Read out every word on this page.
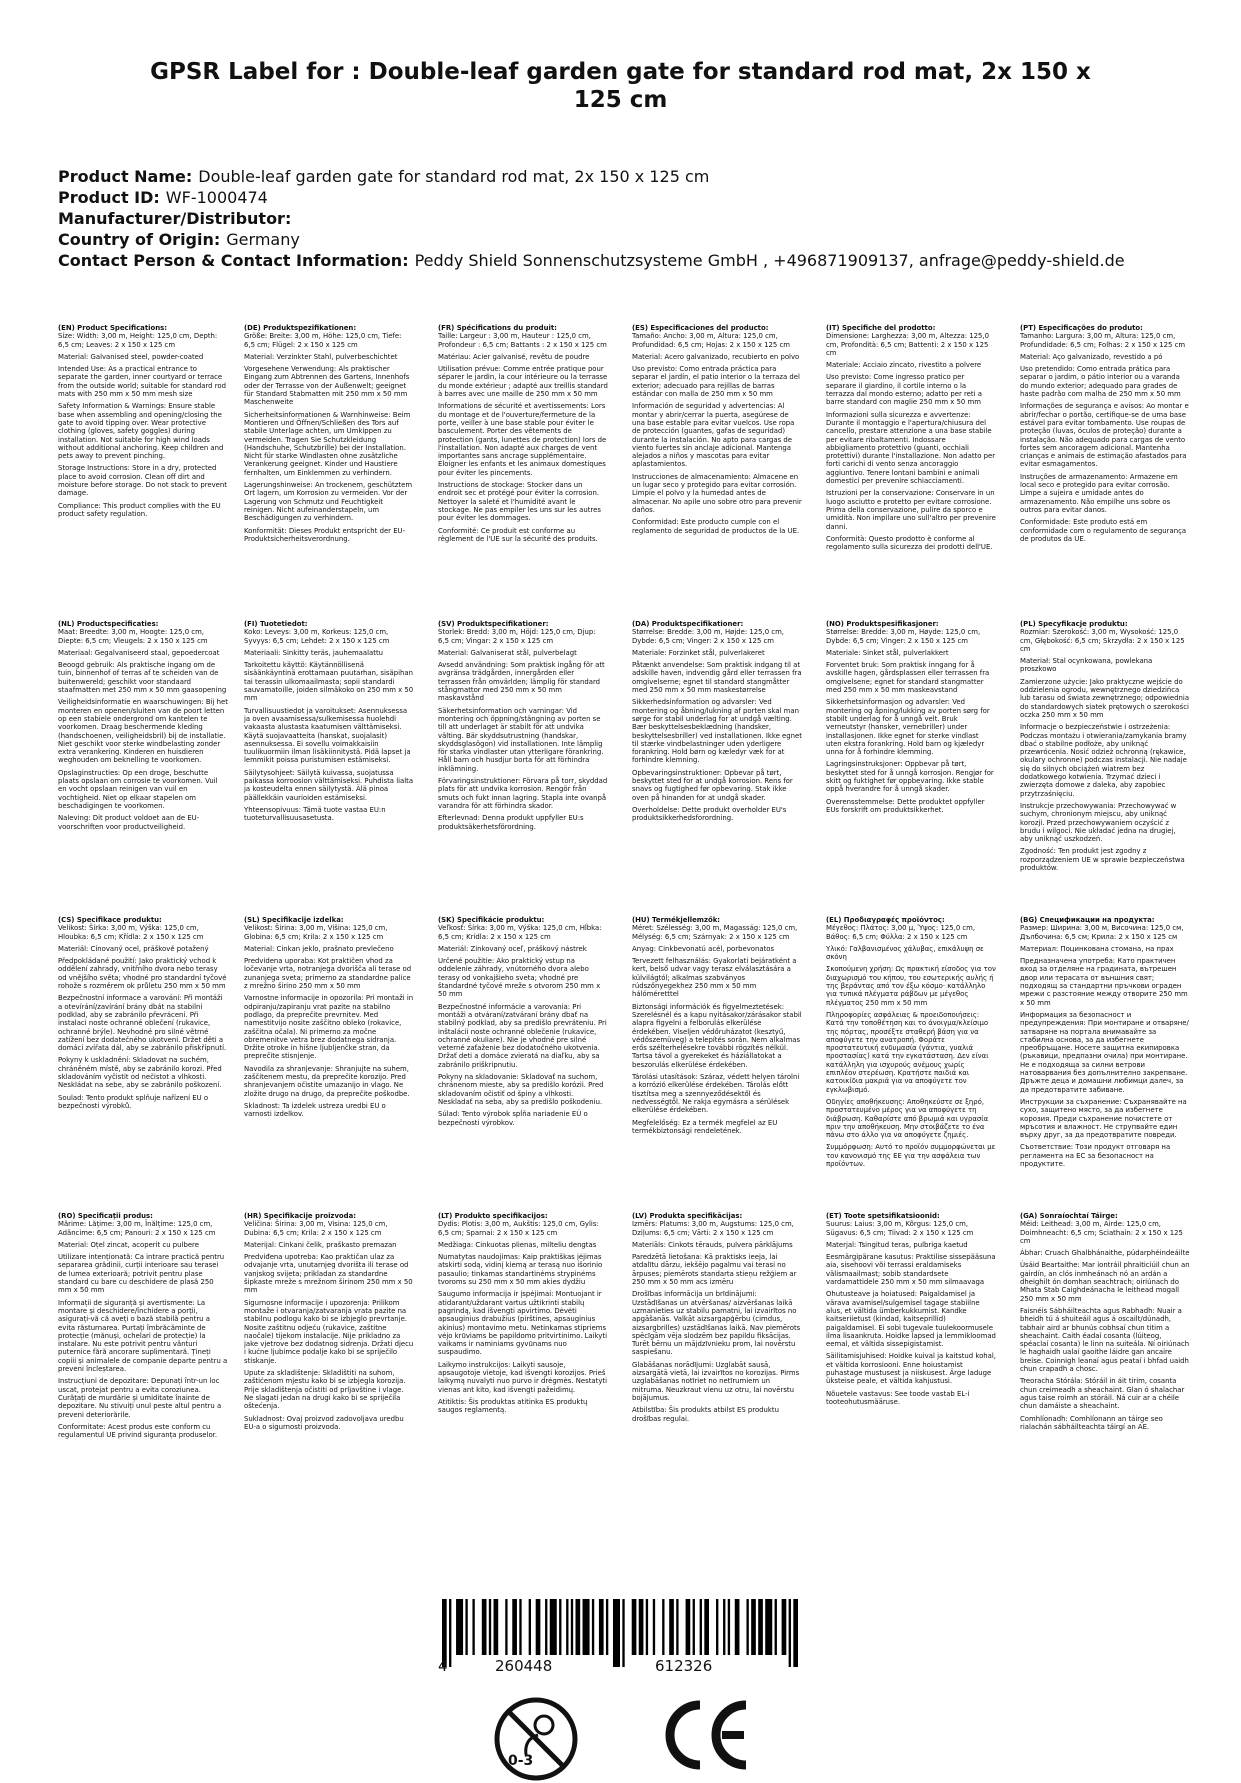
GPSR Label for : Double-leaf garden gate for standard rod mat, 2x 150 x 125 cm
Product Name: Double-leaf garden gate for standard rod mat, 2x 150 x 125 cm
Product ID: WF-1000474
Manufacturer/Distributor:
Country of Origin: Germany
Contact Person & Contact Information: Peddy Shield Sonnenschutzsysteme GmbH , +496871909137, anfrage@peddy-shield.de
(EN) Product Specifications:

Size: Width: 3,00 m, Height: 125,0 cm, Depth: 6,5 cm; Leaves: 2 x 150 x 125 cm

Material: Galvanised steel, powder-coated

Intended Use: As a practical entrance to separate the garden, inner courtyard or terrace from the outside world; suitable for standard rod mats with 250 mm x 50 mm mesh size

Safety Information & Warnings: Ensure stable base when assembling and opening/closing the gate to avoid tipping over. Wear protective clothing (gloves, safety goggles) during installation. Not suitable for high wind loads without additional anchoring. Keep children and pets away to prevent pinching.

Storage Instructions: Store in a dry, protected place to avoid corrosion. Clean off dirt and moisture before storage. Do not stack to prevent damage.

Compliance: This product complies with the EU product safety regulation.

(DE) Produktspezifikationen:

Größe: Breite: 3,00 m, Höhe: 125,0 cm, Tiefe: 6,5 cm; Flügel: 2 x 150 x 125 cm

Material: Verzinkter Stahl, pulverbeschichtet

Vorgesehene Verwendung: Als praktischer Eingang zum Abtrennen des Gartens, Innenhofs oder der Terrasse von der Außenwelt; geeignet für Standard Stabmatten mit 250 mm x 50 mm Maschenweite

Sicherheitsinformationen & Warnhinweise: Beim Montieren und Öffnen/Schließen des Tors auf stabile Unterlage achten, um Umkippen zu vermeiden. Tragen Sie Schutzkleidung (Handschuhe, Schutzbrille) bei der Installation. Nicht für starke Windlasten ohne zusätzliche Verankerung geeignet. Kinder und Haustiere fernhalten, um Einklemmen zu verhindern.

Lagerungshinweise: An trockenem, geschütztem Ort lagern, um Korrosion zu vermeiden. Vor der Lagerung von Schmutz und Feuchtigkeit reinigen. Nicht aufeinanderstapeln, um Beschädigungen zu verhindern.

Konformität: Dieses Produkt entspricht der EU-Produktsicherheitsverordnung.

(FR) Spécifications du produit:

Taille: Largeur : 3,00 m, Hauteur : 125,0 cm, Profondeur : 6,5 cm; Battants : 2 x 150 x 125 cm

Matériau: Acier galvanisé, revêtu de poudre

Utilisation prévue: Comme entrée pratique pour séparer le jardin, la cour intérieure ou la terrasse du monde extérieur ; adapté aux treillis standard à barres avec une maille de 250 mm x 50 mm

Informations de sécurité et avertissements: Lors du montage et de l'ouverture/fermeture de la porte, veiller à une base stable pour éviter le basculement. Porter des vêtements de protection (gants, lunettes de protection) lors de l'installation. Non adapté aux charges de vent importantes sans ancrage supplémentaire. Éloigner les enfants et les animaux domestiques pour éviter les pincements.

Instructions de stockage: Stocker dans un endroit sec et protégé pour éviter la corrosion. Nettoyer la saleté et l'humidité avant le stockage. Ne pas empiler les uns sur les autres pour éviter les dommages.

Conformité: Ce produit est conforme au règlement de l'UE sur la sécurité des produits.

(ES) Especificaciones del producto:

Tamaño: Ancho: 3,00 m, Altura: 125,0 cm, Profundidad: 6,5 cm; Hojas: 2 x 150 x 125 cm

Material: Acero galvanizado, recubierto en polvo

Uso previsto: Como entrada práctica para separar el jardín, el patio interior o la terraza del exterior; adecuado para rejillas de barras estándar con malla de 250 mm x 50 mm

Información de seguridad y advertencias: Al montar y abrir/cerrar la puerta, asegúrese de una base estable para evitar vuelcos. Use ropa de protección (guantes, gafas de seguridad) durante la instalación. No apto para cargas de viento fuertes sin anclaje adicional. Mantenga alejados a niños y mascotas para evitar aplastamientos.

Instrucciones de almacenamiento: Almacene en un lugar seco y protegido para evitar corrosión. Limpie el polvo y la humedad antes de almacenar. No apile uno sobre otro para prevenir daños.

Conformidad: Este producto cumple con el reglamento de seguridad de productos de la UE.

(IT) Specifiche del prodotto:

Dimensione: Larghezza: 3,00 m, Altezza: 125,0 cm, Profondità: 6,5 cm; Battenti: 2 x 150 x 125 cm

Materiale: Acciaio zincato, rivestito a polvere

Uso previsto: Come ingresso pratico per separare il giardino, il cortile interno o la terrazza dal mondo esterno; adatto per reti a barre standard con maglie 250 mm x 50 mm

Informazioni sulla sicurezza e avvertenze: Durante il montaggio e l'apertura/chiusura del cancello, prestare attenzione a una base stabile per evitare ribaltamenti. Indossare abbigliamento protettivo (guanti, occhiali protettivi) durante l'installazione. Non adatto per forti carichi di vento senza ancoraggio aggiuntivo. Tenere lontani bambini e animali domestici per prevenire schiacciamenti.

Istruzioni per la conservazione: Conservare in un luogo asciutto e protetto per evitare corrosione. Prima della conservazione, pulire da sporco e umidità. Non impilare uno sull'altro per prevenire danni.

Conformità: Questo prodotto è conforme al regolamento sulla sicurezza dei prodotti dell'UE.

(PT) Especificações do produto:

Tamanho: Largura: 3,00 m, Altura: 125,0 cm, Profundidade: 6,5 cm; Folhas: 2 x 150 x 125 cm

Material: Aço galvanizado, revestido a pó

Uso pretendido: Como entrada prática para separar o jardim, o pátio interior ou a varanda do mundo exterior; adequado para grades de haste padrão com malha de 250 mm x 50 mm

Informações de segurança e avisos: Ao montar e abrir/fechar o portão, certifique-se de uma base estável para evitar tombamento. Use roupas de proteção (luvas, óculos de proteção) durante a instalação. Não adequado para cargas de vento fortes sem ancoragem adicional. Mantenha crianças e animais de estimação afastados para evitar esmagamentos.

Instruções de armazenamento: Armazene em local seco e protegido para evitar corrosão. Limpe a sujeira e umidade antes do armazenamento. Não empilhe uns sobre os outros para evitar danos.

Conformidade: Este produto está em conformidade com o regulamento de segurança de produtos da UE.

(NL) Productspecificaties:

Maat: Breedte: 3,00 m, Hoogte: 125,0 cm, Diepte: 6,5 cm; Vleugels: 2 x 150 x 125 cm

Materiaal: Gegalvaniseerd staal, gepoedercoat

Beoogd gebruik: Als praktische ingang om de tuin, binnenhof of terras af te scheiden van de buitenwereld; geschikt voor standaard staafmatten met 250 mm x 50 mm gaasopening

Veiligheidsinformatie en waarschuwingen: Bij het monteren en openen/sluiten van de poort letten op een stabiele ondergrond om kantelen te voorkomen. Draag beschermende kleding (handschoenen, veiligheidsbril) bij de installatie. Niet geschikt voor sterke windbelasting zonder extra verankering. Kinderen en huisdieren weghouden om beknelling te voorkomen.

Opslaginstructies: Op een droge, beschutte plaats opslaan om corrosie te voorkomen. Vuil en vocht opslaan reinigen van vuil en vochtigheid. Niet op elkaar stapelen om beschadigingen te voorkomen.

Naleving: Dit product voldoet aan de EU-voorschriften voor productveiligheid.

(FI) Tuotetiedot:

Koko: Leveys: 3,00 m, Korkeus: 125,0 cm, Syvyys: 6,5 cm; Lehdet: 2 x 150 x 125 cm

Materiaali: Sinkitty teräs, jauhemaalattu

Tarkoitettu käyttö: Käytännöllisenä sisäänkäyntinä erottamaan puutarhan, sisäpihan tai terassin ulkomaailmasta; sopii standardi sauvamatoille, joiden silmäkoko on 250 mm x 50 mm

Turvallisuustiedot ja varoitukset: Asennuksessa ja oven avaamisessa/sulkemisessa huolehdi vakaasta alustasta kaatumisen välttämiseksi. Käytä suojavaatteita (hanskat, suojalasit) asennuksessa. Ei sovellu voimakkaisiin tuulikuormiin ilman lisäkiinnitystä. Pidä lapset ja lemmikit poissa puristumisen estämiseksi.

Säilytysohjeet: Säilytä kuivassa, suojatussa paikassa korroosion välttämiseksi. Puhdista lialta ja kosteudelta ennen säilytystä. Älä pinoa päällekkäin vaurioiden estämiseksi.

Yhteensopivuus: Tämä tuote vastaa EU:n tuoteturvallisuusasetusta.

(SV) Produktspecifikationer:

Storlek: Bredd: 3,00 m, Höjd: 125,0 cm, Djup: 6,5 cm; Vingar: 2 x 150 x 125 cm

Material: Galvaniserat stål, pulverbelagt

Avsedd användning: Som praktisk ingång för att avgränsa trädgården, innergården eller terrassen från omvärlden; lämplig för standard stångmattor med 250 mm x 50 mm maskavstånd

Säkerhetsinformation och varningar: Vid montering och öppning/stängning av porten se till att underlaget är stabilt för att undvika välting. Bär skyddsutrustning (handskar, skyddsglasögon) vid installationen. Inte lämplig för starka vindlaster utan ytterligare förankring. Håll barn och husdjur borta för att förhindra inklämning.

Förvaringsinstruktioner: Förvara på torr, skyddad plats för att undvika korrosion. Rengör från smuts och fukt innan lagring. Stapla inte ovanpå varandra för att förhindra skador.

Efterlevnad: Denna produkt uppfyller EU:s produktsäkerhetsförordning.

(DA) Produktspecifikationer:

Størrelse: Bredde: 3,00 m, Højde: 125,0 cm, Dybde: 6,5 cm; Vinger: 2 x 150 x 125 cm

Materiale: Forzinket stål, pulverlakeret

Påtænkt anvendelse: Som praktisk indgang til at adskille haven, indvendig gård eller terrassen fra omgivelserne; egnet til standard stangmåtter med 250 mm x 50 mm maskestørrelse

Sikkerhedsinformation og advarsler: Ved montering og åbning/lukning af porten skal man sørge for stabil underlag for at undgå vælting. Bær beskyttelsesbeklædning (handsker, beskyttelsesbriller) ved installationen. Ikke egnet til stærke vindbelastninger uden yderligere forankring. Hold børn og kæledyr væk for at forhindre klemning.

Opbevaringsinstruktioner: Opbevar på tørt, beskyttet sted for at undgå korrosion. Rens for snavs og fugtighed før opbevaring. Stak ikke oven på hinanden for at undgå skader.

Overholdelse: Dette produkt overholder EU's produktsikkerhedsforordning.

(NO) Produktspesifikasjoner:

Størrelse: Bredde: 3,00 m, Høyde: 125,0 cm, Dybde: 6,5 cm; Vinger: 2 x 150 x 125 cm

Materiale: Sinket stål, pulverlakkert

Forventet bruk: Som praktisk inngang for å avskille hagen, gårdsplassen eller terrassen fra omgivelsene; egnet for standard stangmatter med 250 mm x 50 mm maskeavstand

Sikkerhetsinformasjon og advarsler: Ved montering og åpning/lukking av porten sørg for stabilt underlag for å unngå velt. Bruk verneutstyr (hansker, vernebriller) under installasjonen. Ikke egnet for sterke vindlast uten ekstra forankring. Hold barn og kjæledyr unna for å forhindre klemming.

Lagringsinstruksjoner: Oppbevar på tørt, beskyttet sted for å unngå korrosjon. Rengjør for skitt og fuktighet før oppbevaring. Ikke stable oppå hverandre for å unngå skader.

Overensstemmelse: Dette produktet oppfyller EUs forskrift om produktsikkerhet.

(PL) Specyfikacje produktu:

Rozmiar: Szerokość: 3,00 m, Wysokość: 125,0 cm, Głębokość: 6,5 cm; Skrzydła: 2 x 150 x 125 cm

Materiał: Stal ocynkowana, powlekana proszkowo

Zamierzone użycie: Jako praktyczne wejście do oddzielenia ogrodu, wewnętrznego dziedzińca lub tarasu od świata zewnętrznego; odpowiednia do standardowych siatek prętowych o szerokości oczka 250 mm x 50 mm

Informacje o bezpieczeństwie i ostrzeżenia: Podczas montażu i otwierania/zamykania bramy dbać o stabilne podłoże, aby uniknąć przewrócenia. Nosić odzież ochronną (rękawice, okulary ochronne) podczas instalacji. Nie nadaje się do silnych obciążeń wiatrem bez dodatkowego kotwienia. Trzymać dzieci i zwierzęta domowe z daleka, aby zapobiec przytrzaśnięciu.

Instrukcje przechowywania: Przechowywać w suchym, chronionym miejscu, aby uniknąć korozji. Przed przechowywaniem oczyścić z brudu i wilgoci. Nie układać jedna na drugiej, aby uniknąć uszkodzeń.

Zgodność: Ten produkt jest zgodny z rozporządzeniem UE w sprawie bezpieczeństwa produktów.

(CS) Specifikace produktu:

Velikost: Šírka: 3,00 m, Výška: 125,0 cm, Hloubka: 6,5 cm; Křídla: 2 x 150 x 125 cm

Materiál: Cínovaný ocel, práškově potažený

Předpokládané použití: Jako praktický vchod k oddělení zahrady, vnitřního dvora nebo terasy od vnějšího světa; vhodné pro standardní tyčové rohože s rozměrem ok průletu 250 mm x 50 mm

Bezpečnostní informace a varování: Při montáži a otevírání/zavírání brány dbát na stabilní podklad, aby se zabránilo převrácení. Při instalaci noste ochranné oblečení (rukavice, ochranné brýle). Nevhodné pro silné větrné zatížení bez dodatečného ukotvení. Držet děti a domácí zvířata dál, aby se zabránilo přiskřípnutí.

Pokyny k uskladnění: Skladovat na suchém, chráněném místě, aby se zabránilo korozi. Před skladováním vyčistit od nečistot a vlhkosti. Neskládat na sebe, aby se zabránilo poškození.

Soulad: Tento produkt splňuje nařízení EU o bezpečnosti výrobků.

(SL) Specifikacije izdelka:

Velikost: Širina: 3,00 m, Višina: 125,0 cm, Globina: 6,5 cm; Krila: 2 x 150 x 125 cm

Material: Cinkan jeklo, prašnato prevlečeno

Predvidena uporaba: Kot praktičen vhod za ločevanje vrta, notranjega dvorišča ali terase od zunanjega sveta; primerno za standardne palice z mrežno širino 250 mm x 50 mm

Varnostne informacije in opozorila: Pri montaži in odpiranju/zapiranju vrat pazite na stabilno podlago, da preprečite prevrnitev. Med namestitvijo nosite zaščitno obleko (rokavice, zaščitna očala). Ni primerno za močne obremenitve vetra brez dodatnega sidranja. Držite otroke in hišne ljubljenčke stran, da preprečite stisnjenje.

Navodila za shranjevanje: Shranjujte na suhem, zaščitenem mestu, da preprečite korozijo. Pred shranjevanjem očistite umazanijo in vlago. Ne zložite drugo na drugo, da preprečite poškodbe.

Skladnost: Ta izdelek ustreza uredbi EU o varnosti izdelkov.

(SK) Špecifikácie produktu:

Veľkosť: Šírka: 3,00 m, Výška: 125,0 cm, Hĺbka: 6,5 cm; Krídla: 2 x 150 x 125 cm

Materiál: Zinkovaný oceľ, práškový nástrek

Určené použitie: Ako praktický vstup na oddelenie záhrady, vnútorného dvora alebo terasy od vonkajšieho sveta; vhodné pre štandardné tyčové mreže s otvorom 250 mm x 50 mm

Bezpečnostné informácie a varovania: Pri montáži a otváraní/zatváraní brány dbať na stabilný podklad, aby sa predišlo prevráteniu. Pri inštalácii noste ochranné oblečenie (rukavice, ochranné okuliare). Nie je vhodné pre silné veterné zaťaženie bez dodatočného ukotvenia. Držať deti a domáce zvieratá na diaľku, aby sa zabránilo priškripnutiu.

Pokyny na skladovanie: Skladovať na suchom, chránenom mieste, aby sa predišlo korózii. Pred skladovaním očistiť od špiny a vlhkosti. Neskladať na seba, aby sa predišlo poškodeniu.

Súlad: Tento výrobok spĺňa nariadenie EÚ o bezpečnosti výrobkov.

(HU) Termékjellemzők:

Méret: Szélesség: 3,00 m, Magasság: 125,0 cm, Mélység: 6,5 cm; Szárnyak: 2 x 150 x 125 cm

Anyag: Cinkbevonatú acél, porbevonatos

Tervezett felhasználás: Gyakorlati bejáratként a kert, belső udvar vagy terasz elválasztására a külvilágtól; alkalmas szabványos rúdszőnyegekhez 250 mm x 50 mm hálóméretttel

Biztonsági információk és figyelmeztetések: Szerelésnél és a kapu nyitásakor/zárásakor stabil alapra figyelni a felborulás elkerülése érdekében. Viseljen védőruházatot (kesztyű, védőszemüveg) a telepítés során. Nem alkalmas erős szélterhelésekre további rögzítés nélkül. Tartsa távol a gyerekeket és háziállatokat a beszorulás elkerülése érdekében.

Tárolási utasítások: Száraz, védett helyen tárolni a korrózió elkerülése érdekében. Tárolás előtt tisztítsa meg a szennyeződésektől és nedvességtől. Ne rakja egymásra a sérülések elkerülése érdekében.

Megfelelőség: Ez a termék megfelel az EU termékbiztonsági rendeletének.

(EL) Προδιαγραφές προϊόντος:

Μέγεθος: Πλάτος: 3,00 μ, Ύψος: 125,0 cm, Βάθος: 6,5 cm; Φύλλα: 2 x 150 x 125 cm

Υλικό: Γαλβανισμένος χάλυβας, επικάλυψη σε σκόνη

Σκοπούμενη χρήση: Ως πρακτική είσοδος για τον διαχωρισμό του κήπου, του εσωτερικής αυλής ή της βεράντας από τον έξω κόσμο· κατάλληλο για τυπικά πλέγματα ράβδων με μέγεθος πλέγματος 250 mm x 50 mm

Πληροφορίες ασφάλειας & προειδοποιήσεις: Κατά την τοποθέτηση και το άνοιγμα/κλείσιμο της πόρτας, προσέξτε σταθερή βάση για να αποφύγετε την ανατροπή. Φοράτε προστατευτική ενδυμασία (γάντια, γυαλιά προστασίας) κατά την εγκατάσταση. Δεν είναι κατάλληλη για ισχυρούς ανέμους χωρίς επιπλέον στερέωση. Κρατήστε παιδιά και κατοικίδια μακριά για να αποφύγετε τον εγκλωβισμό.

Οδηγίες αποθήκευσης: Αποθηκεύστε σε ξηρό, προστατευμένο μέρος για να αποφύγετε τη διάβρωση. Καθαρίστε από βρωμιά και υγρασία πριν την αποθήκευση. Μην στοιβάζετε το ένα πάνω στο άλλο για να αποφύγετε ζημιές.

Συμμόρφωση: Αυτό το προϊόν συμμορφώνεται με τον κανονισμό της ΕΕ για την ασφάλεια των προϊόντων.

(BG) Спецификации на продукта:

Размер: Ширина: 3,00 м, Височина: 125,0 см, Дълбочина: 6,5 см; Крила: 2 x 150 x 125 см

Материал: Поцинкована стомана, на прах

Предназначена употреба: Като практичен вход за отделяне на градината, вътрешен двор или терасата от външния свят; подходящ за стандартни пръчкови ограден мрежи с разстояние между отворите 250 mm x 50 mm

Информация за безопасност и предупреждения: При монтиране и отваряне/затваряне на портала внимавайте за стабилна основа, за да избегнете преобръщане. Носете защитна екипировка (ръкавици, предпазни очила) при монтиране. Не е подходяща за силни ветрови натоварвания без допълнително закрепване. Дръжте деца и домашни любимци далеч, за да предотвратите забиване.

Инструкции за съхранение: Съхранявайте на сухо, защитено място, за да избегнете корозия. Преди съхранение почистете от мръсотия и влажност. Не струпвайте един върху друг, за да предотвратите повреди.

Съответствие: Този продукт отговаря на регламента на ЕС за безопасност на продуктите.

(RO) Specificații produs:

Mărime: Lățime: 3,00 m, Înălțime: 125,0 cm, Adâncime: 6,5 cm; Panouri: 2 x 150 x 125 cm

Material: Oțel zincat, acoperit cu pulbere

Utilizare intenționată: Ca intrare practică pentru separarea grădinii, curții interioare sau terasei de lumea exterioară; potrivit pentru plase standard cu bare cu deschidere de plasă 250 mm x 50 mm

Informații de siguranță și avertismente: La montare și deschidere/închidere a porții, asigurați-vă că aveți o bază stabilă pentru a evita răsturnarea. Purtați îmbrăcăminte de protecție (mănuși, ochelari de protecție) la instalare. Nu este potrivit pentru vânturi puternice fără ancorare suplimentară. Țineți copiii și animalele de companie departe pentru a preveni încleștarea.

Instrucțiuni de depozitare: Depunați într-un loc uscat, protejat pentru a evita coroziunea. Curățați de murdărie și umiditate înainte de depozitare. Nu stivuiți unul peste altul pentru a preveni deteriorările.

Conformitate: Acest produs este conform cu regulamentul UE privind siguranța produselor.

(HR) Specifikacije proizvoda:

Veličina: Širina: 3,00 m, Visina: 125,0 cm, Dubina: 6,5 cm; Krila: 2 x 150 x 125 cm

Materijal: Cinkani čelik, praškasto premazan

Predviđena upotreba: Kao praktičan ulaz za odvajanje vrta, unutarnjeg dvorišta ili terase od vanjskog svijeta; prikladan za standardne šipkaste mreže s mrežnom širinom 250 mm x 50 mm

Sigurnosne informacije i upozorenja: Prilikom montaže i otvaranja/zatvaranja vrata pazite na stabilnu podlogu kako bi se izbjeglo prevrtanje. Nosite zaštitnu odjeću (rukavice, zaštitne naočale) tijekom instalacije. Nije prikladno za jake vjetrove bez dodatnog sidrenja. Držati djecu i kućne ljubimce podalje kako bi se spriječilo stiskanje.

Upute za skladištenje: Skladištiti na suhom, zaštićenom mjestu kako bi se izbjegla korozija. Prije skladištenja očistiti od prljavštine i vlage. Ne slagati jedan na drugi kako bi se spriječila oštećenja.

Sukladnost: Ovaj proizvod zadovoljava uredbu EU-a o sigurnosti proizvoda.

(LT) Produkto specifikacijos:

Dydis: Plotis: 3,00 m, Aukštis: 125,0 cm, Gylis: 6,5 cm; Sparnai: 2 x 150 x 125 cm

Medžiaga: Cinkuotas plienas, milteliu dengtas

Numatytas naudojimas: Kaip praktiškas įėjimas atskirti sodą, vidinį kiemą ar terasą nuo išorinio pasaulio; tinkamas standartinėms strypinėms tvoroms su 250 mm x 50 mm akies dydžiu

Saugumo informacija ir įspėjimai: Montuojant ir atidarant/uždarant vartus užtikrinti stabilų pagrindą, kad išvengti apvirtimo. Dėvėti apsauginius drabužius (pirštines, apsauginius akinius) montavimo metu. Netinkamas stipriems vėjo krūviams be papildomo pritvirtinimo. Laikyti vaikams ir naminiams gyvūnams nuo suspaudimo.

Laikymo instrukcijos: Laikyti sausoje, apsaugotoje vietoje, kad išvengti korozijos. Prieš laikymą nuvalyti nuo purvo ir drėgmės. Nestatyti vienas ant kito, kad išvengti pažeidimų.

Atitiktis: Šis produktas atitinka ES produktų saugos reglamentą.

(LV) Produkta specifikācijas:

Izmērs: Platums: 3,00 m, Augstums: 125,0 cm, Dziļums: 6,5 cm; Vārti: 2 x 150 x 125 cm

Materiāls: Cinkots tērauds, pulvera pārklājums

Paredzētā lietošana: Kā praktisks ieeja, lai atdalītu dārzu, iekšējo pagalmu vai terasi no ārpuses; piemērots standarta stieņu režģiem ar 250 mm x 50 mm acs izmēru

Drošības informācija un brīdinājumi: Uzstādīšanas un atvēršanas/ aizvēršanas laikā uzmanieties uz stabilu pamatni, lai izvairītos no apgāšanās. Valkāt aizsargapģērbu (cimdus, aizsargbrilles) uzstādīšanas laikā. Nav piemērots spēcīgām vēja slodzēm bez papildu fiksācijas. Turēt bērnu un mājdzīvnieku prom, lai novērstu saspiešanu.

Glabāšanas norādījumi: Uzglabāt sausā, aizsargātā vietā, lai izvairītos no korozijas. Pirms uzglabāšanas notīriet no netīrumiem un mitruma. Neuzkraut vienu uz otru, lai novērstu bojājumus.

Atbilstība: Šis produkts atbilst ES produktu drošības regulai.

(ET) Toote spetsifikatsioonid:

Suurus: Laius: 3,00 m, Kõrgus: 125,0 cm, Sügavus: 6,5 cm; Tiivad: 2 x 150 x 125 cm

Materjal: Tsingitud teras, pulbriga kaetud

Eesmärgipärane kasutus: Praktilise sissepääsuna aia, sisehoovi või terrassi eraldamiseks välismaailmast; sobib standardsete vardamattidele 250 mm x 50 mm silmaavaga

Ohutusteave ja hoiatused: Paigaldamisel ja värava avamisel/sulgemisel tagage stabiilne alus, et vältida ümberkukkumist. Kandke kaitseriietust (kindad, kaitseprillid) paigaldamisel. Ei sobi tugevale tuulekoormusele ilma lisaankruta. Hoidke lapsed ja lemmikloomad eemal, et vältida sissepigistamist.

Säilitamisjuhised: Hoidke kuival ja kaitstud kohal, et vältida korrosiooni. Enne hoiustamist puhastage mustusest ja niiskusest. Ärge laduge üksteise peale, et vältida kahjustusi.

Nõuetele vastavus: See toode vastab EL-i tooteohutusmääruse.

(GA) Sonraíochtaí Táirge:

Méid: Leithead: 3,00 m, Airde: 125,0 cm, Doimhneacht: 6,5 cm; Sciathain: 2 x 150 x 125 cm

Ábhar: Cruach Ghalbhánaithe, púdarphéindeáilte

Úsáid Beartaithe: Mar iontráil phraiticiúil chun an gairdín, an clós inmheánach nó an ardán a dheighilt ón domhan seachtrach; oiriúnach do Mhata Stab Caighdeánacha le leithead mogall 250 mm x 50 mm

Faisnéis Sábháilteachta agus Rabhadh: Nuair a bheidh tú á shuiteáil agus á oscailt/dúnadh, tabhair aird ar bhunús cobhsaí chun titim a sheachaint. Caith éadaí cosanta (lúiteog, spéaclaí cosanta) le linn na suiteála. Ní oiriúnach le haghaidh ualaí gaoithe láidre gan ancaire breise. Coinnigh leanaí agus peataí i bhfad uaidh chun crapadh a chosc.

Treoracha Stórála: Stóráil in áit tirim, cosanta chun creimeadh a sheachaint. Glan ó shalachar agus taise roimh an stóráil. Ná cuir ar a chéile chun damáiste a sheachaint.

Comhlíonadh: Comhlíonann an táirge seo rialachán sábháilteachta táirgí an AE.

4	260448	612326
0-3
